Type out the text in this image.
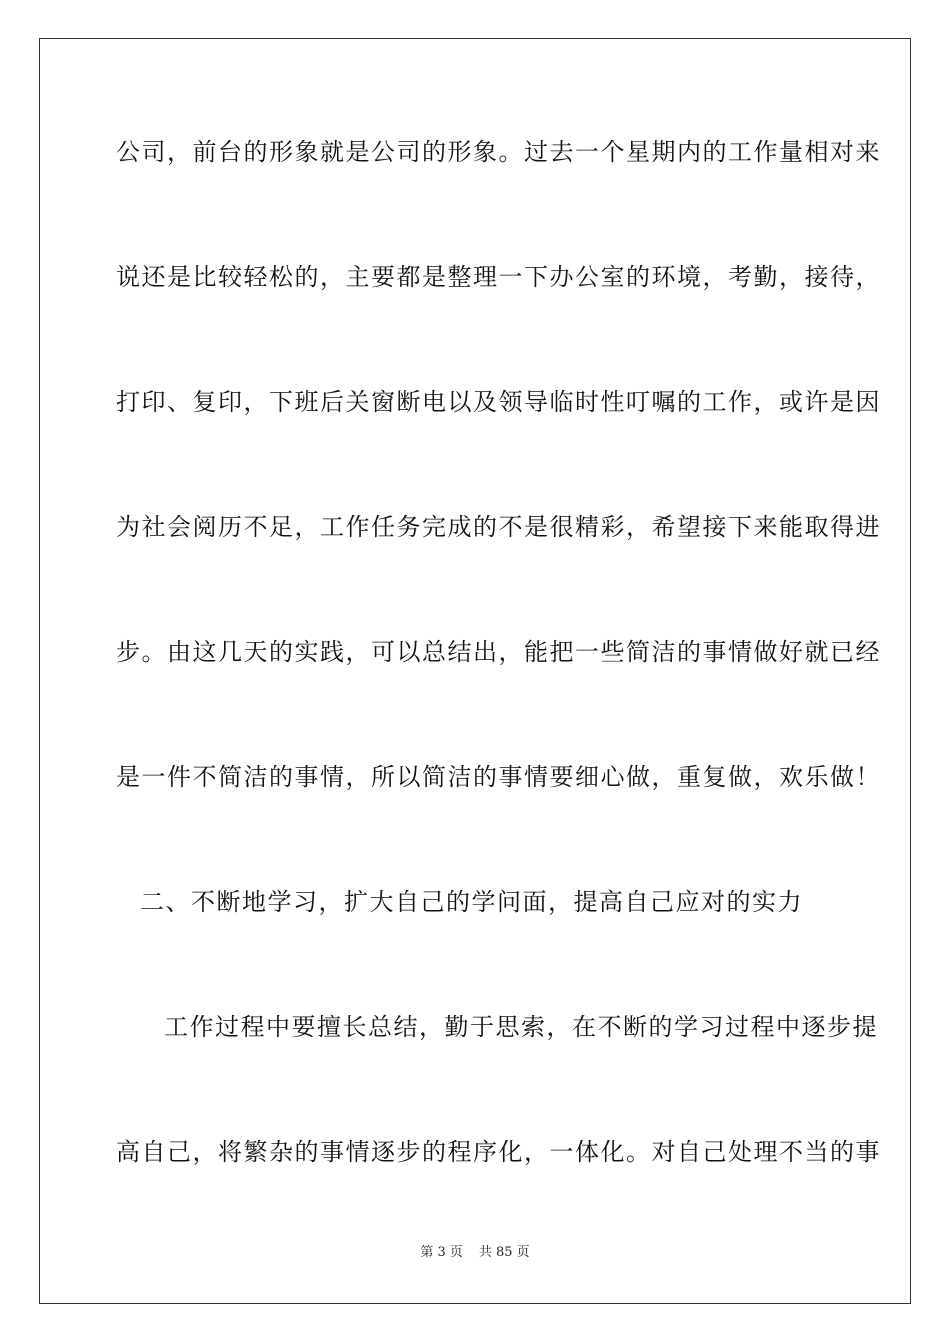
公司，前台的形象就是公司的形象。过去一个星期内的工作量相对来
说还是比较轻松的，主要都是整理一下办公室的环境，考勤，接待，
打印、复印，下班后关窗断电以及领导临时性叮嘱的工作，或许是因
为社会阅历不足，工作任务完成的不是很精彩，希望接下来能取得进
步。由这几天的实践，可以总结出，能把一些简洁的事情做好就已经
是一件不简洁的事情，所以简洁的事情要细心做，重复做，欢乐做！
二、不断地学习，扩大自己的学问面，提高自己应对的实力
工作过程中要擅长总结，勤于思索，在不断的学习过程中逐步提
高自己，将繁杂的事情逐步的程序化，一体化。对自己处理不当的事
第 3 页 共 85 页
